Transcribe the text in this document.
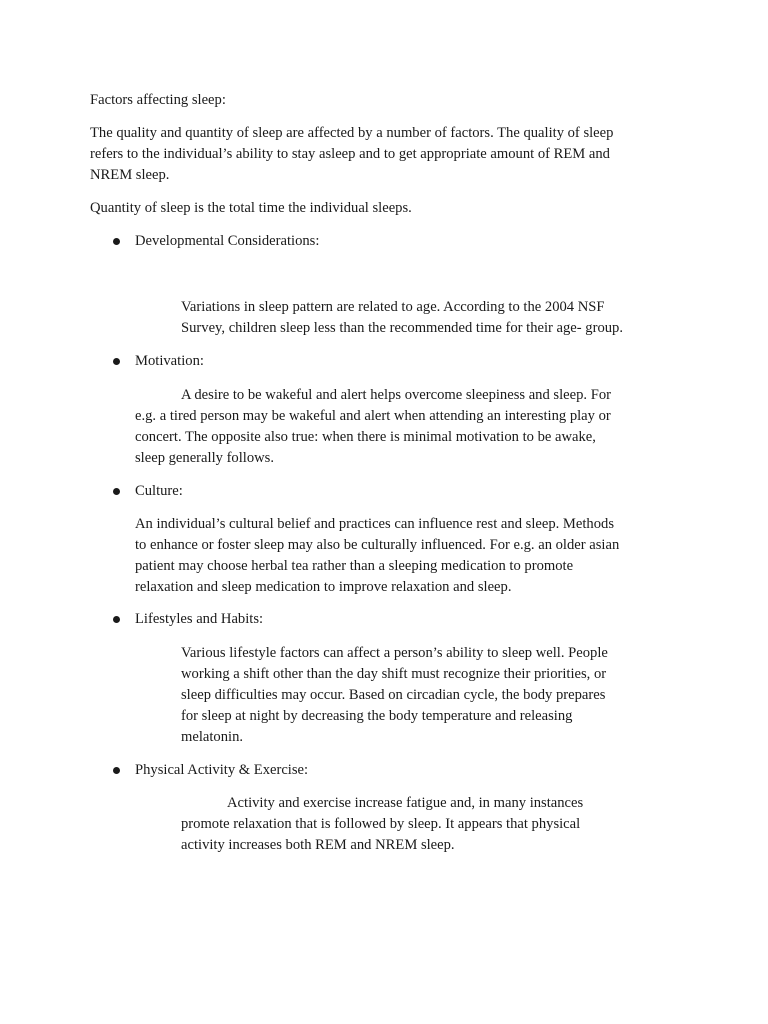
Factors affecting sleep:

The quality and quantity of sleep are affected by a number of factors. The quality of sleep
refers to the individual’s ability to stay asleep and to get appropriate amount of REM and
NREM sleep.

Quantity of sleep is the total time the individual sleeps.

Developmental Considerations:

Variations in sleep pattern are related to age. According to the 2004 NSF
Survey, children sleep less than the recommended time for their age- group.

Motivation:

A desire to be wakeful and alert helps overcome sleepiness and sleep. For
e.g. a tired person may be wakeful and alert when attending an interesting play or
concert. The opposite also true: when there is minimal motivation to be awake,
sleep generally follows.

Culture:

An individual’s cultural belief and practices can influence rest and sleep. Methods
to enhance or foster sleep may also be culturally influenced. For e.g. an older asian
patient may choose herbal tea rather than a sleeping medication to promote
relaxation and sleep medication to improve relaxation and sleep.

Lifestyles and Habits:

Various lifestyle factors can affect a person’s ability to sleep well. People
working a shift other than the day shift must recognize their priorities, or
sleep difficulties may occur. Based on circadian cycle, the body prepares
for sleep at night by decreasing the body temperature and releasing
melatonin.

Physical Activity & Exercise:

Activity and exercise increase fatigue and, in many instances
promote relaxation that is followed by sleep. It appears that physical
activity increases both REM and NREM sleep.
